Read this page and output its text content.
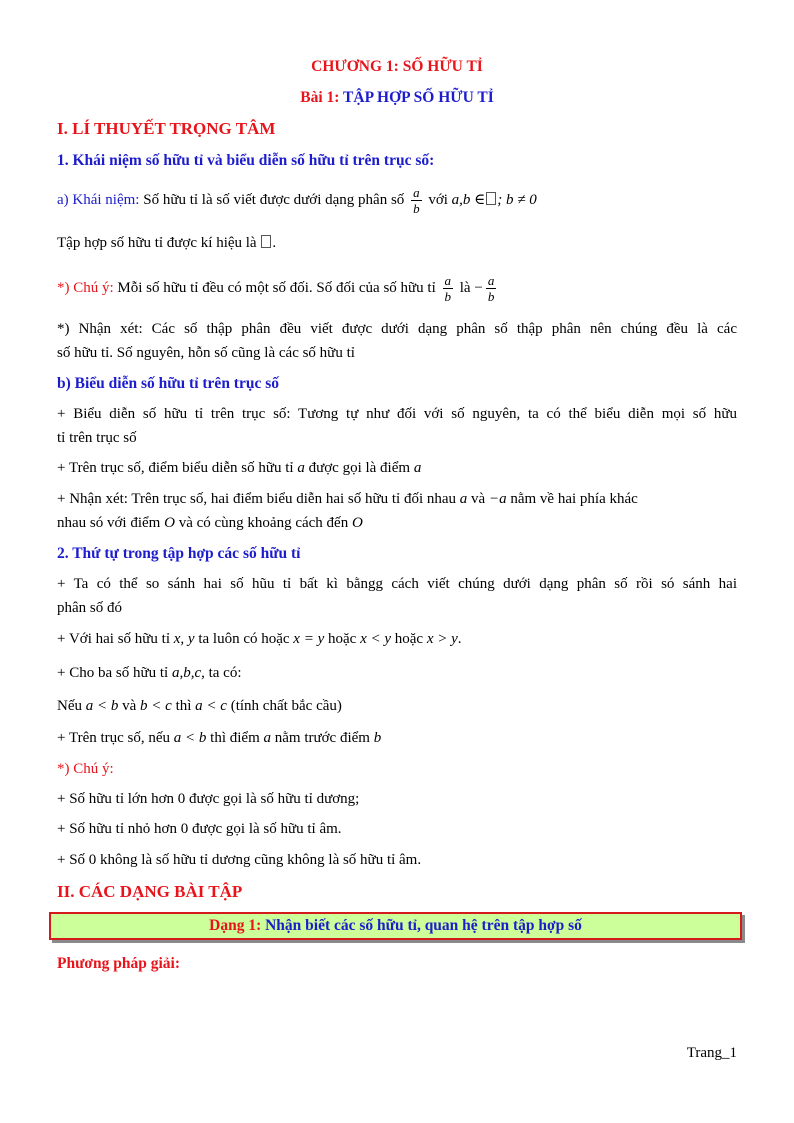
CHƯƠNG 1: SỐ HỮU TỈ
Bài 1: TẬP HỢP SỐ HỮU TỈ
I. LÍ THUYẾT TRỌNG TÂM
1. Khái niệm số hữu tỉ và biểu diễn số hữu tỉ trên trục số:
a) Khái niệm: Số hữu tỉ là số viết được dưới dạng phân số $\frac{a}{b}$ với a,b ∈ ; b ≠ 0
Tập hợp số hữu tỉ được kí hiệu là .
*) Chú ý: Mỗi số hữu tỉ đều có một số đối. Số đối của số hữu tỉ $\frac{a}{b}$ là − $\frac{a}{b}$
*) Nhận xét: Các số thập phân đều viết được dưới dạng phân số thập phân nên chúng đều là các
số hữu tỉ. Số nguyên, hỗn số cũng là các số hữu tỉ
b) Biểu diễn số hữu tỉ trên trục số
+ Biểu diễn số hữu tỉ trên trục số: Tương tự như đối với số nguyên, ta có thể biểu diễn mọi số hữu
tỉ trên trục số
+ Trên trục số, điểm biểu diễn số hữu tỉ a được gọi là điểm a
+ Nhận xét: Trên trục số, hai điểm biểu diễn hai số hữu tỉ đối nhau a và −a nằm về hai phía khác
nhau só với điểm O và có cùng khoảng cách đến O
2. Thứ tự trong tập hợp các số hữu tỉ
+ Ta có thể so sánh hai số hũu tỉ bất kì bằngg cách viết chúng dưới dạng phân số rồi só sánh hai
phân số đó
+ Với hai số hữu tỉ x, y ta luôn có hoặc x = y hoặc x < y hoặc x > y.
+ Cho ba số hữu tỉ a,b,c, ta có:
Nếu a < b và b < c thì a < c (tính chất bắc cầu)
+ Trên trục số, nếu a < b thì điểm a nằm trước điểm b
*) Chú ý:
+ Số hữu tỉ lớn hơn 0 được gọi là số hữu tỉ dương;
+ Số hữu tỉ nhỏ hơn 0 được gọi là số hữu tỉ âm.
+ Số 0 không là số hữu tỉ dương cũng không là số hữu tỉ âm.
II. CÁC DẠNG BÀI TẬP
Phương pháp giải:
Dạng 1: Nhận biết các số hữu tỉ, quan hệ trên tập hợp số
Trang_1
